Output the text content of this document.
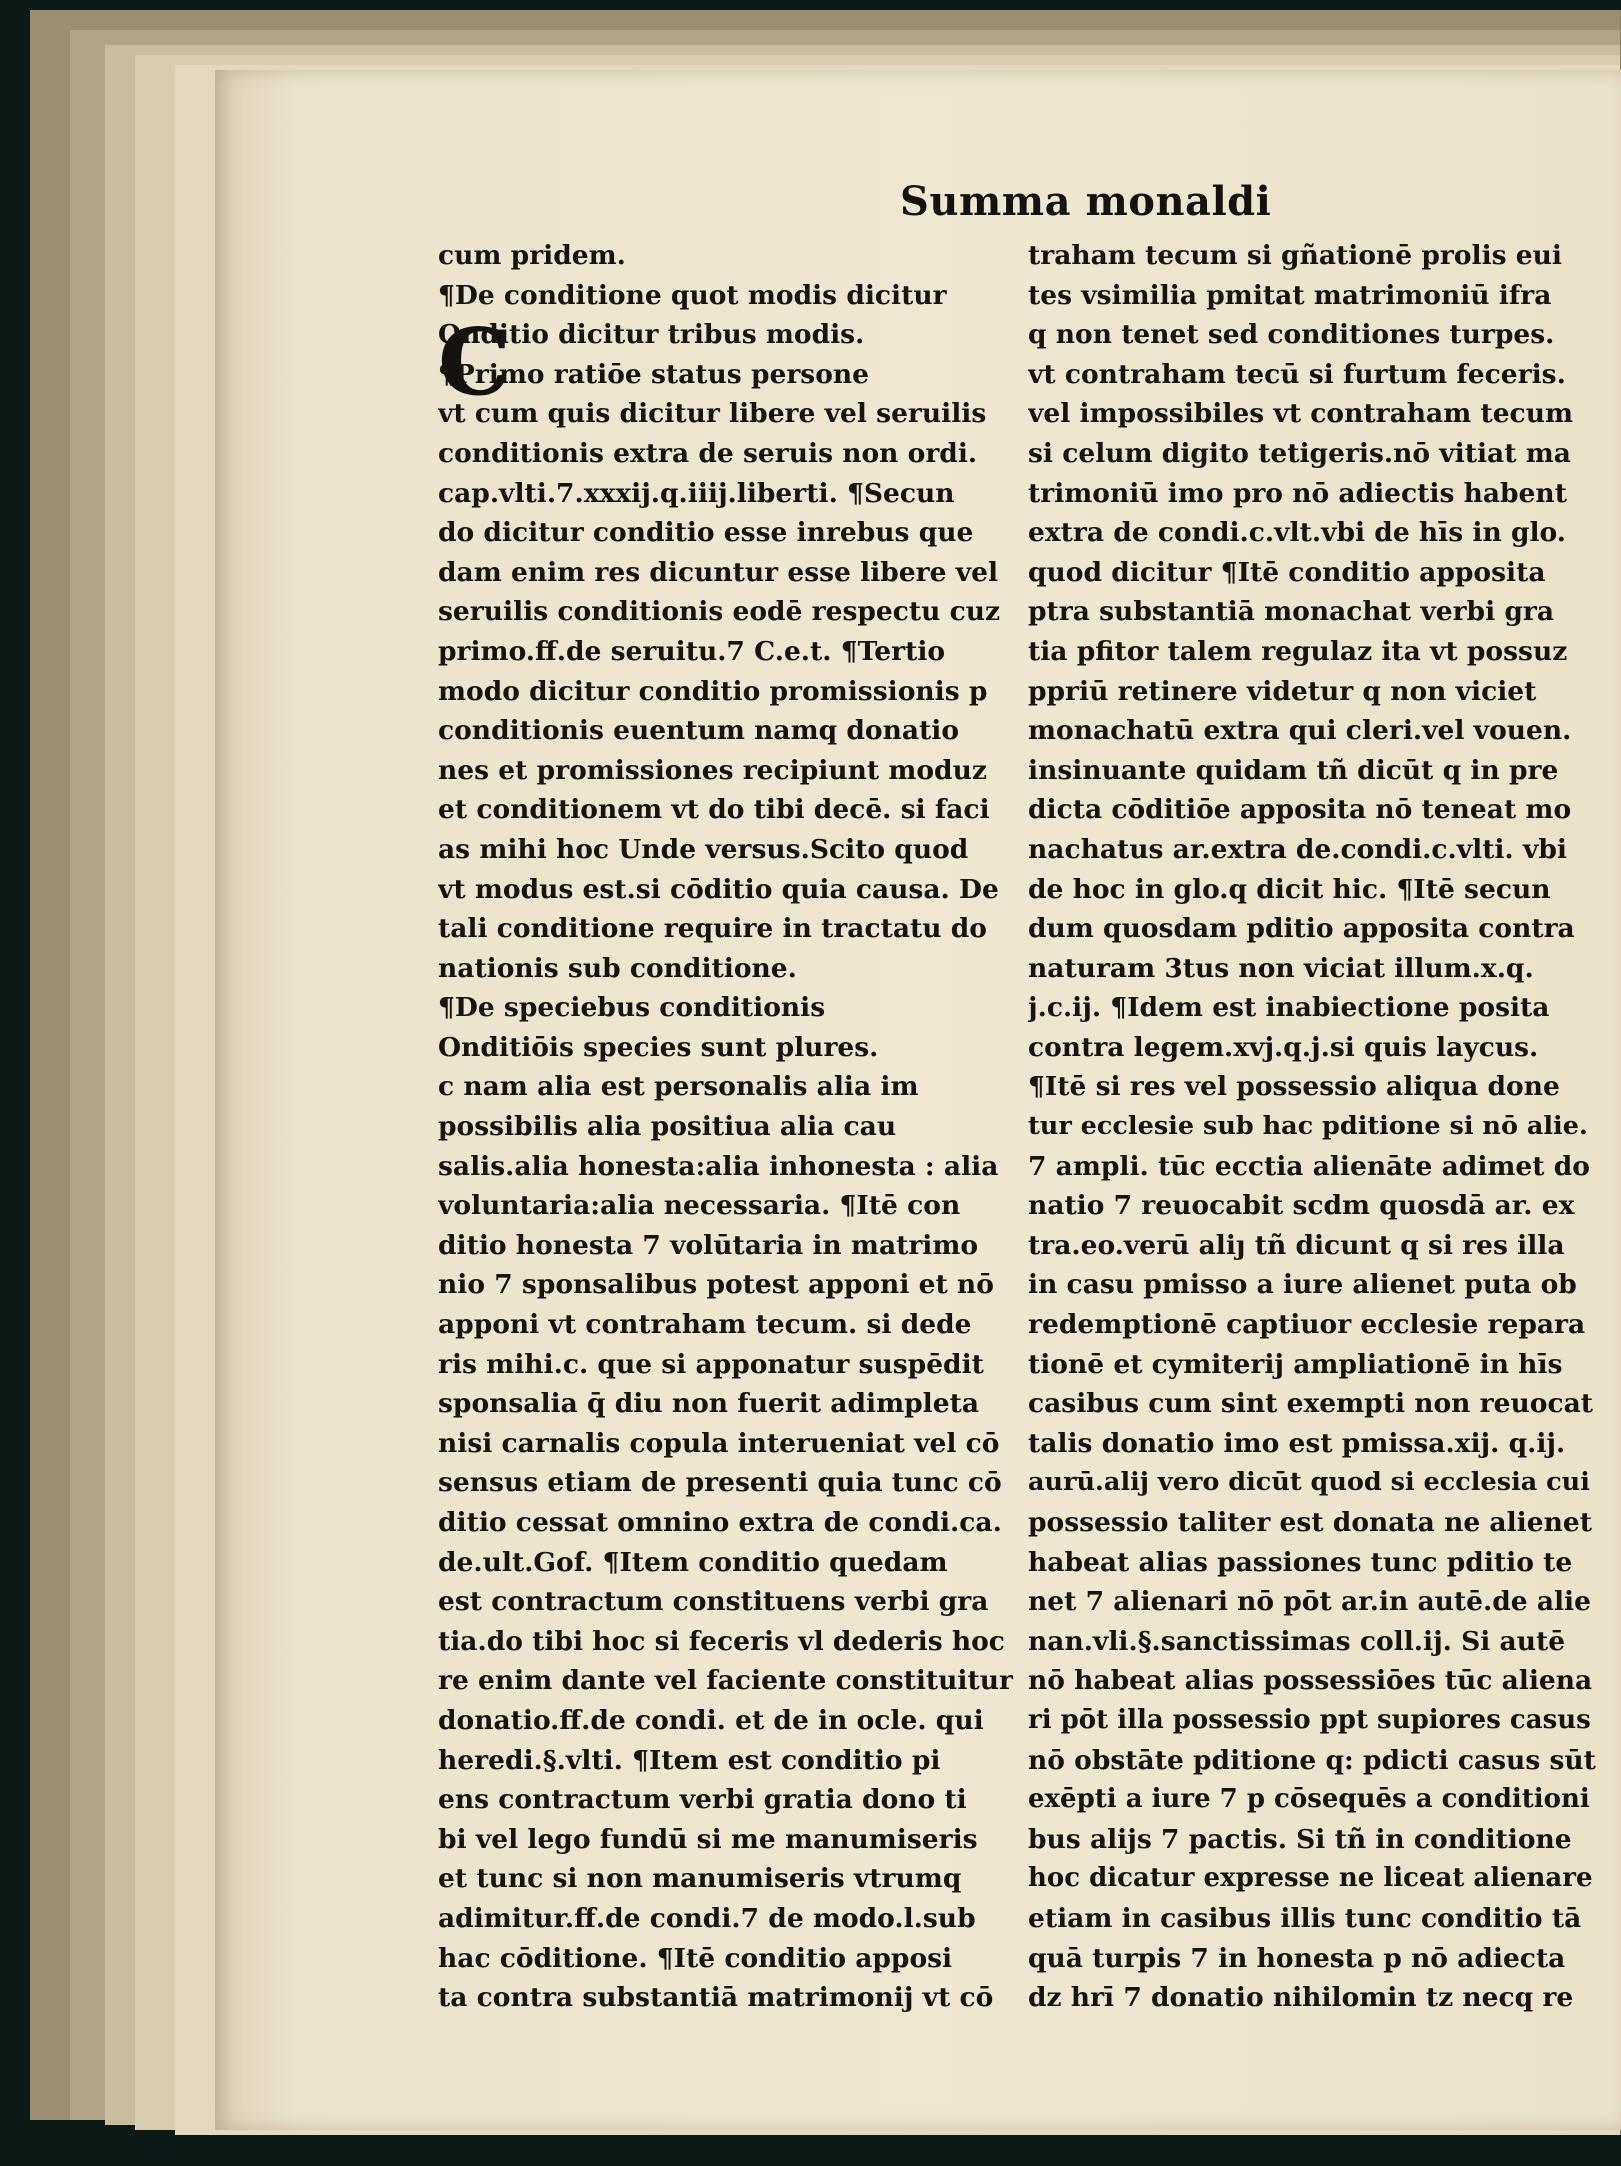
Summa monaldi
C
cum pridem.
¶De conditione quot modis dicitur
Onditio dicitur tribus modis.
¶Primo ratiōe status persone
vt cum quis dicitur libere vel seruilis
conditionis extra de seruis non ordi.
cap.vlti.7.xxxij.q.iiij.liberti. ¶Secun
do dicitur conditio esse inrebus que
dam enim res dicuntur esse libere vel
seruilis conditionis eodē respectu cuz
primo.ff.de seruitu.7 C.e.t. ¶Tertio
modo dicitur conditio promissionis p
conditionis euentum namq donatio
nes et promissiones recipiunt moduz
et conditionem vt do tibi decē. si faci
as mihi hoc Unde versus.Scito quod
vt modus est.si cōditio quia causa. De
tali conditione require in tractatu do
nationis sub conditione.
¶De speciebus conditionis
Onditiōis species sunt plures.
c nam alia est personalis alia im
possibilis alia positiua alia cau
salis.alia honesta:alia inhonesta : alia
voluntaria:alia necessaria. ¶Itē con
ditio honesta 7 volūtaria in matrimo
nio 7 sponsalibus potest apponi et nō
apponi vt contraham tecum. si dede
ris mihi.c. que si apponatur suspēdit
sponsalia q̄ diu non fuerit adimpleta
nisi carnalis copula interueniat vel cō
sensus etiam de presenti quia tunc cō
ditio cessat omnino extra de condi.ca.
de.ult.Gof. ¶Item conditio quedam
est contractum constituens verbi gra
tia.do tibi hoc si feceris vl dederis hoc
re enim dante vel faciente constituitur
donatio.ff.de condi. et de in ocle. qui
heredi.§.vlti. ¶Item est conditio pi
ens contractum verbi gratia dono ti
bi vel lego fundū si me manumiseris
et tunc si non manumiseris vtrumq
adimitur.ff.de condi.7 de modo.l.sub
hac cōditione. ¶Itē conditio apposi
ta contra substantiā matrimonij vt cō
traham tecum si gñationē prolis eui
tes vsimilia pmitat matrimoniū ifra
q non tenet sed conditiones turpes.
vt contraham tecū si furtum feceris.
vel impossibiles vt contraham tecum
si celum digito tetigeris.nō vitiat ma
trimoniū imo pro nō adiectis habent
extra de condi.c.vlt.vbi de hīs in glo.
quod dicitur ¶Itē conditio apposita
ptra substantiā monachat verbi gra
tia pfitor talem regulaz ita vt possuz
ppriū retinere videtur q non viciet
monachatū extra qui cleri.vel vouen.
insinuante quidam tñ dicūt q in pre
dicta cōditiōe apposita nō teneat mo
nachatus ar.extra de.condi.c.vlti. vbi
de hoc in glo.q dicit hic. ¶Itē secun
dum quosdam pditio apposita contra
naturam 3tus non viciat illum.x.q.
j.c.ij. ¶Idem est inabiectione posita
contra legem.xvj.q.j.si quis laycus.
¶Itē si res vel possessio aliqua done
tur ecclesie sub hac pditione si nō alie.
7 ampli. tūc ecctia alienāte adimet do
natio 7 reuocabit scdm quosdā ar. ex
tra.eo.verū aliȷ tñ dicunt q si res illa
in casu pmisso a iure alienet puta ob
redemptionē captiuor ecclesie repara
tionē et cymiterij ampliationē in hīs
casibus cum sint exempti non reuocat
talis donatio imo est pmissa.xij. q.ij.
aurū.alij vero dicūt quod si ecclesia cui
possessio taliter est donata ne alienet
habeat alias passiones tunc pditio te
net 7 alienari nō pōt ar.in autē.de alie
nan.vli.§.sanctissimas coll.ij. Si autē
nō habeat alias possessiōes tūc aliena
ri pōt illa possessio ppt supiores casus
nō obstāte pditione q: pdicti casus sūt
exēpti a iure 7 p cōsequēs a conditioni
bus alijs 7 pactis. Si tñ in conditione
hoc dicatur expresse ne liceat alienare
etiam in casibus illis tunc conditio tā
quā turpis 7 in honesta p nō adiecta
dz hrī 7 donatio nihilomin tz necq re
